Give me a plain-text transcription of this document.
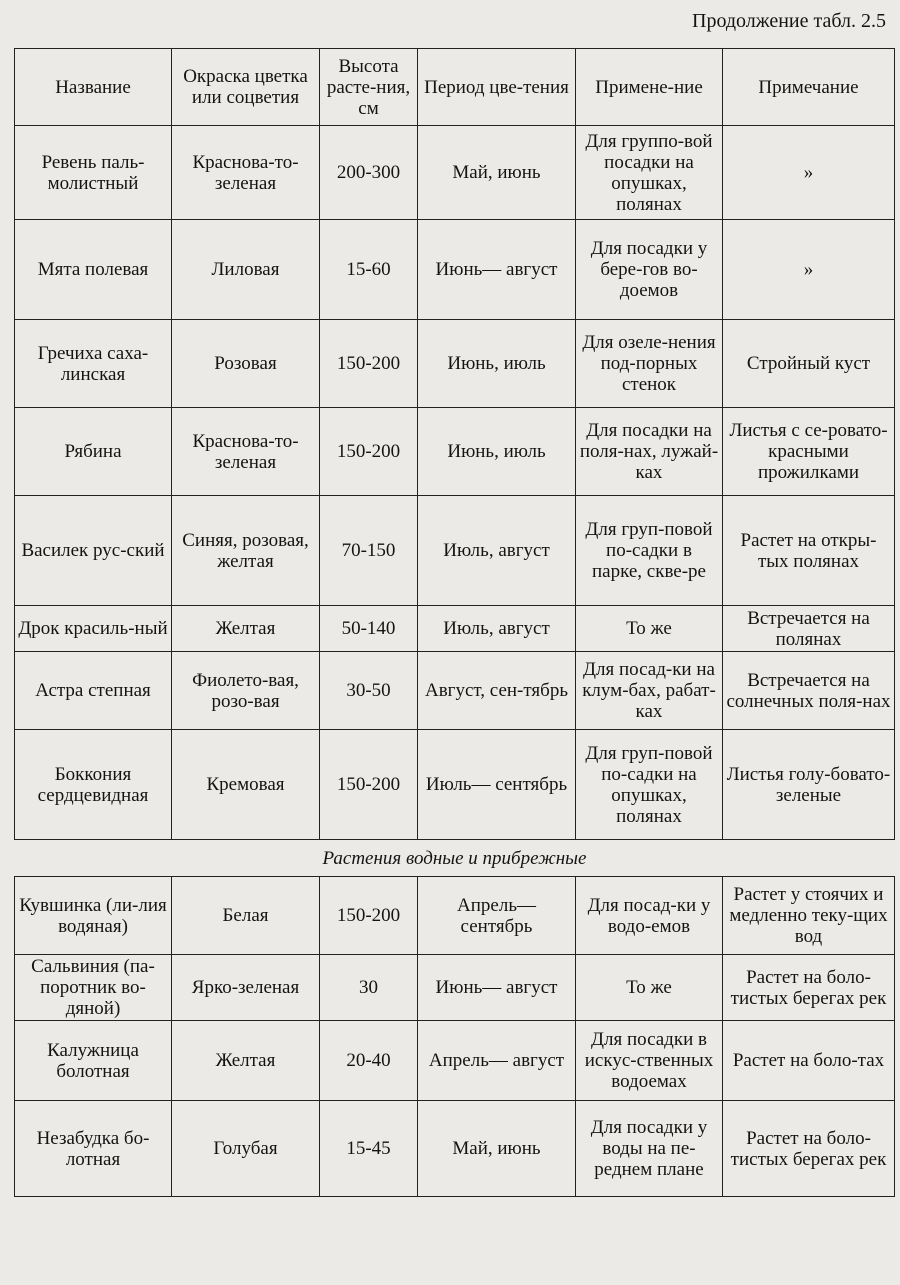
Продолжение табл. 2.5
Название	Окраска цветка или соцветия	Высота расте-ния, см	Период цве-тения	Примене-ние	Примечание
Ревень паль-молистный	Краснова-то-зеленая	200-300	Май, июнь	Для группо-вой посадки на опушках, полянах	»
Мята полевая	Лиловая	15-60	Июнь— август	Для посадки у бере-гов во-доемов	»
Гречиха саха-линская	Розовая	150-200	Июнь, июль	Для озеле-нения под-порных стенок	Стройный куст
Рябина	Краснова-то-зеленая	150-200	Июнь, июль	Для посадки на поля-нах, лужай-ках	Листья с се-ровато-красными прожилками
Василек рус-ский	Синяя, розовая, желтая	70-150	Июль, август	Для груп-повой по-садки в парке, скве-ре	Растет на откры-тых полянах
Дрок красиль-ный	Желтая	50-140	Июль, август	То же	Встречается на полянах
Астра степная	Фиолето-вая, розо-вая	30-50	Август, сен-тябрь	Для посад-ки на клум-бах, рабат-ках	Встречается на солнечных поля-нах
Боккония сердцевидная	Кремовая	150-200	Июль— сентябрь	Для груп-повой по-садки на опушках, полянах	Листья голу-бовато-зеленые
Растения водные и прибрежные					
Кувшинка (ли-лия водяная)	Белая	150-200	Апрель— сентябрь	Для посад-ки у водо-емов	Растет у стоячих и медленно теку-щих вод
Сальвиния (па-поротник во-дяной)	Ярко-зеленая	30	Июнь— август	То же	Растет на боло-тистых берегах рек
Калужница болотная	Желтая	20-40	Апрель— август	Для посадки в искус-ственных водоемах	Растет на боло-тах
Незабудка бо-лотная	Голубая	15-45	Май, июнь	Для посадки у воды на пе-реднем плане	Растет на боло-тистых берегах рек
